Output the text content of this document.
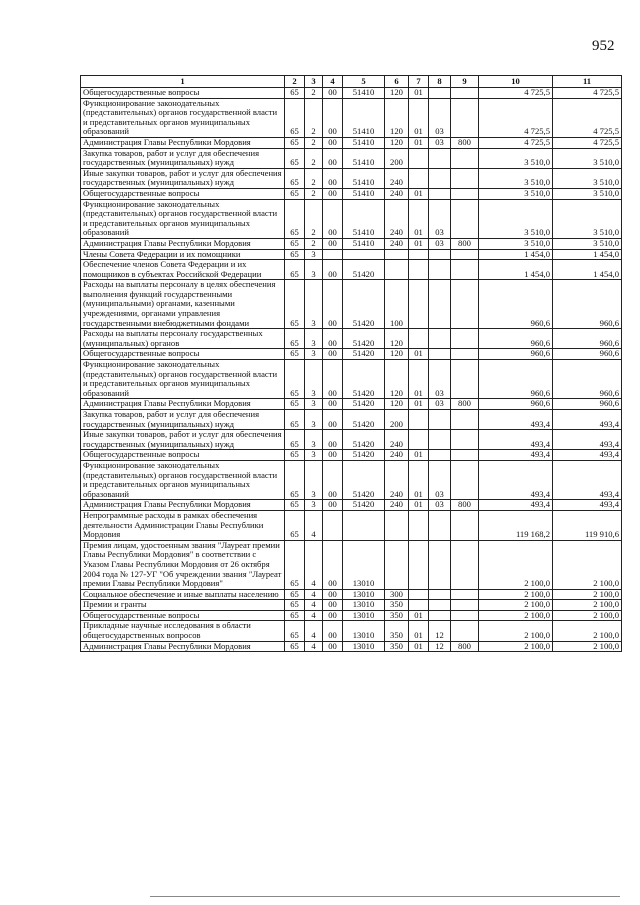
952
1	2	3	4	5	6	7	8	9	10	11
Общегосударственные вопросы	65	2	00	51410	120	01			4 725,5	4 725,5
Функционирование законодательных (представительных) органов государственной власти и представительных органов муниципальных образований	65	2	00	51410	120	01	03		4 725,5	4 725,5
Администрация Главы Республики Мордовия	65	2	00	51410	120	01	03	800	4 725,5	4 725,5
Закупка товаров, работ и услуг для обеспечения государственных (муниципальных) нужд	65	2	00	51410	200				3 510,0	3 510,0
Иные закупки товаров, работ и услуг для обеспечения государственных (муниципальных) нужд	65	2	00	51410	240				3 510,0	3 510,0
Общегосударственные вопросы	65	2	00	51410	240	01			3 510,0	3 510,0
Функционирование законодательных (представительных) органов государственной власти и представительных органов муниципальных образований	65	2	00	51410	240	01	03		3 510,0	3 510,0
Администрация Главы Республики Мордовия	65	2	00	51410	240	01	03	800	3 510,0	3 510,0
Члены Совета Федерации и их помощники	65	3							1 454,0	1 454,0
Обеспечение членов Совета Федерации и их помощников в субъектах Российской Федерации	65	3	00	51420					1 454,0	1 454,0
Расходы на выплаты персоналу в целях обеспечения выполнения функций государственными (муниципальными) органами, казенными учреждениями, органами управления государственными внебюджетными фондами	65	3	00	51420	100				960,6	960,6
Расходы на выплаты персоналу государственных (муниципальных) органов	65	3	00	51420	120				960,6	960,6
Общегосударственные вопросы	65	3	00	51420	120	01			960,6	960,6
Функционирование законодательных (представительных) органов государственной власти и представительных органов муниципальных образований	65	3	00	51420	120	01	03		960,6	960,6
Администрация Главы Республики Мордовия	65	3	00	51420	120	01	03	800	960,6	960,6
Закупка товаров, работ и услуг для обеспечения государственных (муниципальных) нужд	65	3	00	51420	200				493,4	493,4
Иные закупки товаров, работ и услуг для обеспечения государственных (муниципальных) нужд	65	3	00	51420	240				493,4	493,4
Общегосударственные вопросы	65	3	00	51420	240	01			493,4	493,4
Функционирование законодательных (представительных) органов государственной власти и представительных органов муниципальных образований	65	3	00	51420	240	01	03		493,4	493,4
Администрация Главы Республики Мордовия	65	3	00	51420	240	01	03	800	493,4	493,4
Непрограммные расходы в рамках обеспечения деятельности Администрации Главы Республики Мордовия	65	4							119 168,2	119 910,6
Премия лицам, удостоенным звания "Лауреат премии Главы Республики Мордовия" в соответствии с Указом Главы Республики Мордовия от 26 октября 2004 года № 127-УГ "Об учреждении звания "Лауреат премии Главы Республики Мордовия"	65	4	00	13010					2 100,0	2 100,0
Социальное обеспечение и иные выплаты населению	65	4	00	13010	300				2 100,0	2 100,0
Премии и гранты	65	4	00	13010	350				2 100,0	2 100,0
Общегосударственные вопросы	65	4	00	13010	350	01			2 100,0	2 100,0
Прикладные научные исследования в области общегосударственных вопросов	65	4	00	13010	350	01	12		2 100,0	2 100,0
Администрация Главы Республики Мордовия	65	4	00	13010	350	01	12	800	2 100,0	2 100,0
